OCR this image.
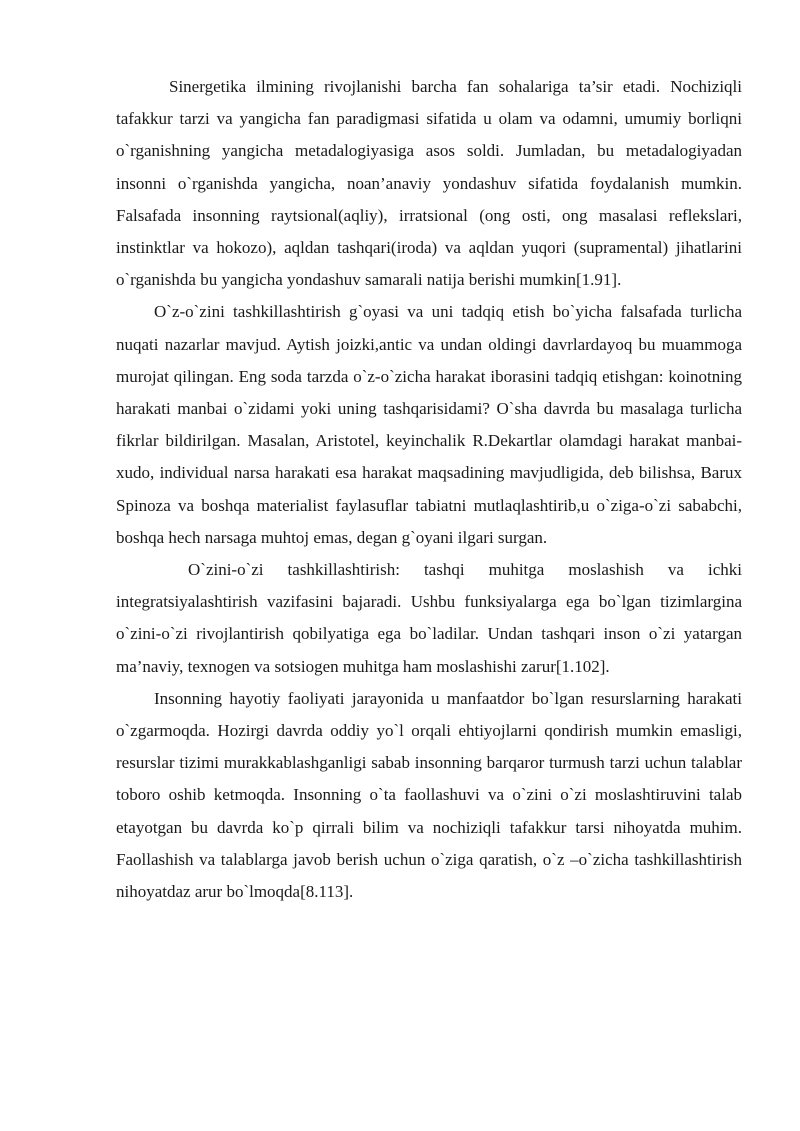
Sinergetika ilmining rivojlanishi barcha fan sohalariga ta’sir etadi. Nochiziqli tafakkur tarzi va yangicha fan paradigmasi sifatida u olam va odamni, umumiy borliqni o`rganishning yangicha metadalogiyasiga asos soldi. Jumladan, bu metadalogiyadan insonni o`rganishda yangicha, noan’anaviy yondashuv sifatida foydalanish mumkin. Falsafada insonning raytsional(aqliy), irratsional (ong osti, ong masalasi reflekslari, instinktlar va hokozo), aqldan tashqari(iroda) va aqldan yuqori (supramental) jihatlarini o`rganishda bu yangicha yondashuv samarali natija berishi mumkin[1.91].

O`z-o`zini tashkillashtirish g`oyasi va uni tadqiq etish bo`yicha falsafada turlicha nuqati nazarlar mavjud. Aytish joizki,antic va undan oldingi davrlardayoq bu muammoga murojat qilingan. Eng soda tarzda o`z-o`zicha harakat iborasini tadqiq etishgan: koinotning harakati manbai o`zidami yoki uning tashqarisidami? O`sha davrda bu masalaga turlicha fikrlar bildirilgan. Masalan, Aristotel, keyinchalik R.Dekartlar olamdagi harakat manbai-xudo, individual narsa harakati esa harakat maqsadining mavjudligida, deb bilishsa, Barux Spinoza va boshqa materialist faylasuflar tabiatni mutlaqlashtirib,u o`ziga-o`zi sababchi, boshqa hech narsaga muhtoj emas, degan g`oyani ilgari surgan.

O`zini-o`zi tashkillashtirish: tashqi muhitga moslashish va ichki integratsiyalashtirish vazifasini bajaradi. Ushbu funksiyalarga ega bo`lgan tizimlargina o`zini-o`zi rivojlantirish qobilyatiga ega bo`ladilar. Undan tashqari inson o`zi yatargan ma’naviy, texnogen va sotsiogen muhitga ham moslashishi zarur[1.102].

Insonning hayotiy faoliyati jarayonida u manfaatdor bo`lgan resurslarning harakati o`zgarmoqda. Hozirgi davrda oddiy yo`l orqali ehtiyojlarni qondirish mumkin emasligi, resurslar tizimi murakkablashganligi sabab insonning barqaror turmush tarzi uchun talablar toboro oshib ketmoqda. Insonning o`ta faollashuvi va o`zini o`zi moslashtiruvini talab etayotgan bu davrda ko`p qirrali bilim va nochiziqli tafakkur tarsi nihoyatda muhim. Faollashish va talablarga javob berish uchun o`ziga qaratish, o`z –o`zicha tashkillashtirish nihoyatdaz arur bo`lmoqda[8.113].
